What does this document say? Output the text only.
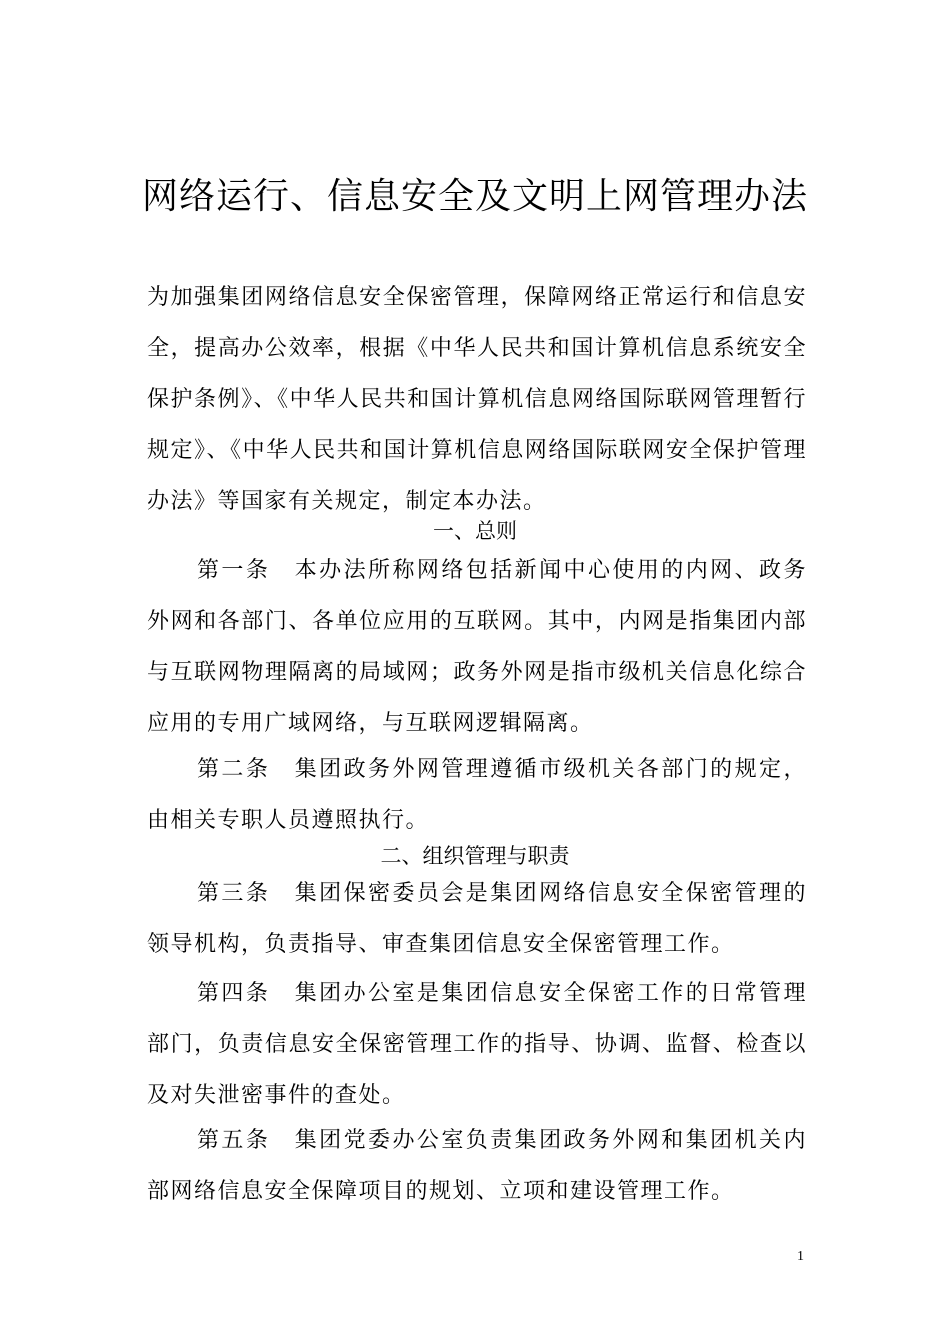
网络运行、信息安全及文明上网管理办法

为加强集团网络信息安全保密管理，保障网络正常运行和信息安全，提高办公效率，根据《中华人民共和国计算机信息系统安全保护条例》、《中华人民共和国计算机信息网络国际联网管理暂行规定》、《中华人民共和国计算机信息网络国际联网安全保护管理办法》等国家有关规定，制定本办法。

一、总则

第一条　本办法所称网络包括新闻中心使用的内网、政务外网和各部门、各单位应用的互联网。其中，内网是指集团内部与互联网物理隔离的局域网；政务外网是指市级机关信息化综合应用的专用广域网络，与互联网逻辑隔离。

第二条　集团政务外网管理遵循市级机关各部门的规定，由相关专职人员遵照执行。

二、组织管理与职责

第三条　集团保密委员会是集团网络信息安全保密管理的领导机构，负责指导、审查集团信息安全保密管理工作。

第四条　集团办公室是集团信息安全保密工作的日常管理部门，负责信息安全保密管理工作的指导、协调、监督、检查以及对失泄密事件的查处。

第五条　集团党委办公室负责集团政务外网和集团机关内部网络信息安全保障项目的规划、立项和建设管理工作。

1
